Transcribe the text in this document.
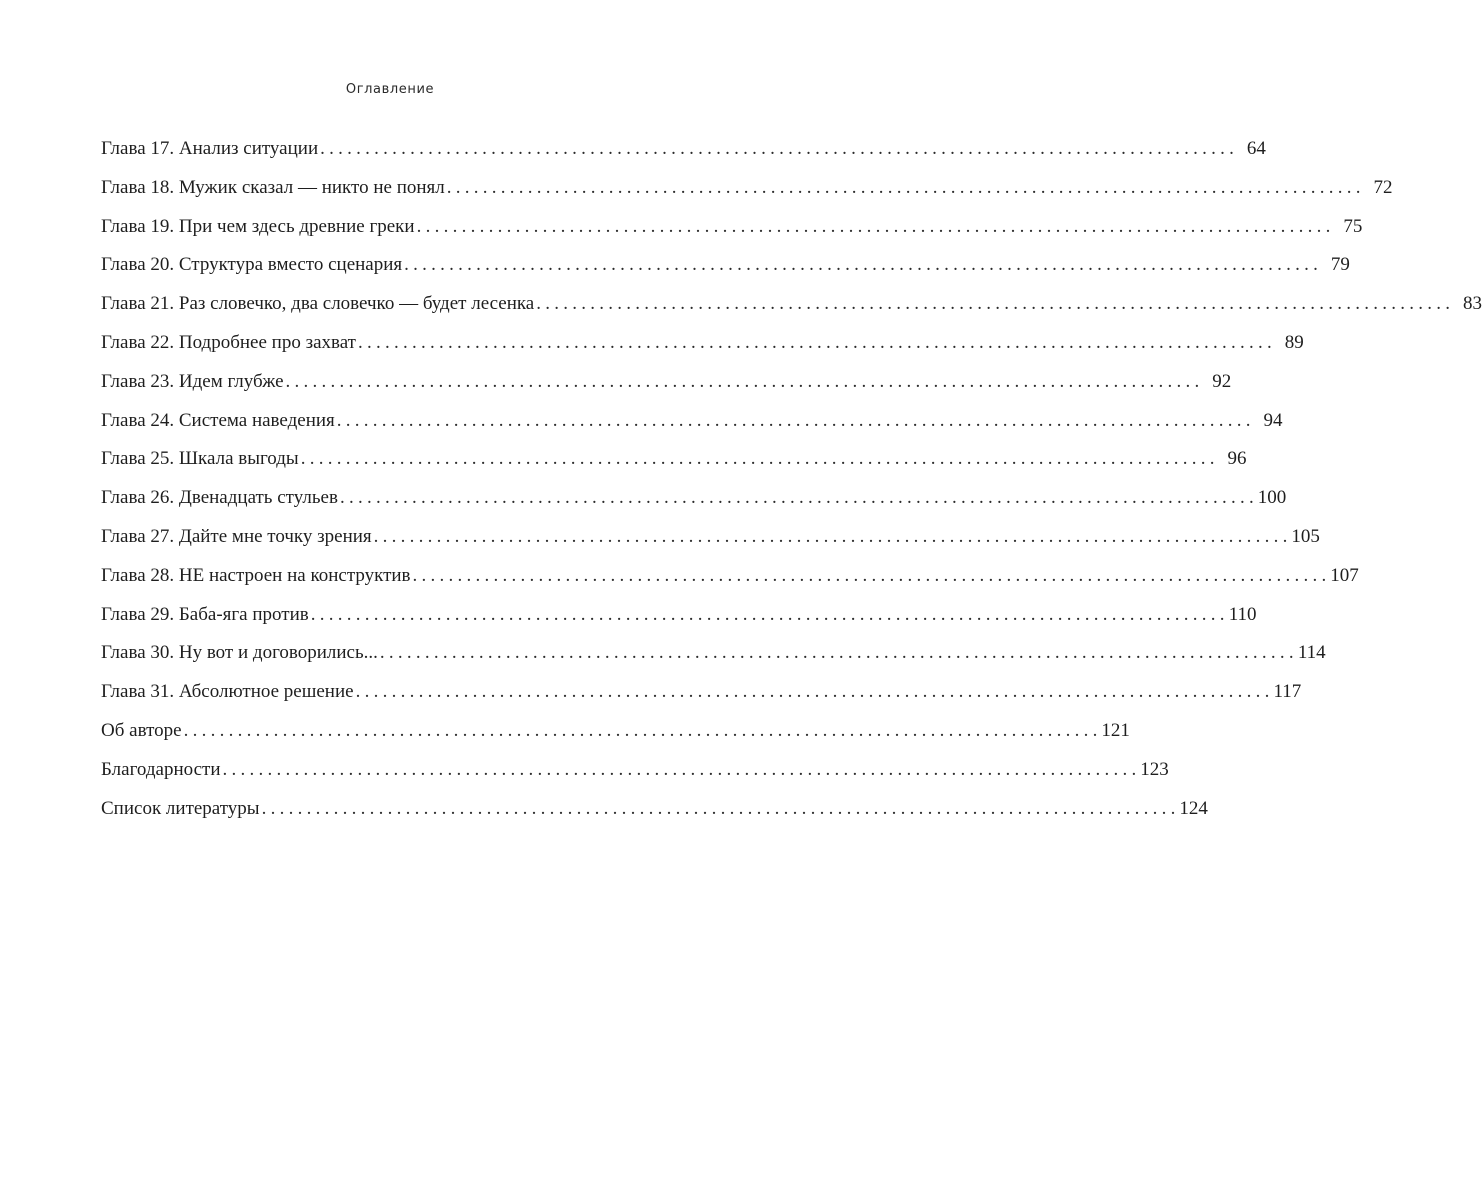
Оглавление
Глава 17. Анализ ситуации . . .	64
Глава 18. Мужик сказал — никто не понял . . .	72
Глава 19. При чем здесь древние греки . . .	75
Глава 20. Структура вместо сценария . . .	79
Глава 21. Раз словечко, два словечко — будет лесенка . . .	83
Глава 22. Подробнее про захват . . .	89
Глава 23. Идем глубже . . .	92
Глава 24. Система наведения . . .	94
Глава 25. Шкала выгоды . . .	96
Глава 26. Двенадцать стульев . . .	100
Глава 27. Дайте мне точку зрения . . .	105
Глава 28. НЕ настроен на конструктив . . .	107
Глава 29. Баба-яга против . . .	110
Глава 30. Ну вот и договорились... . . .	114
Глава 31. Абсолютное решение . . .	117
Об авторе . . .	121
Благодарности . . .	123
Список литературы . . .	124
